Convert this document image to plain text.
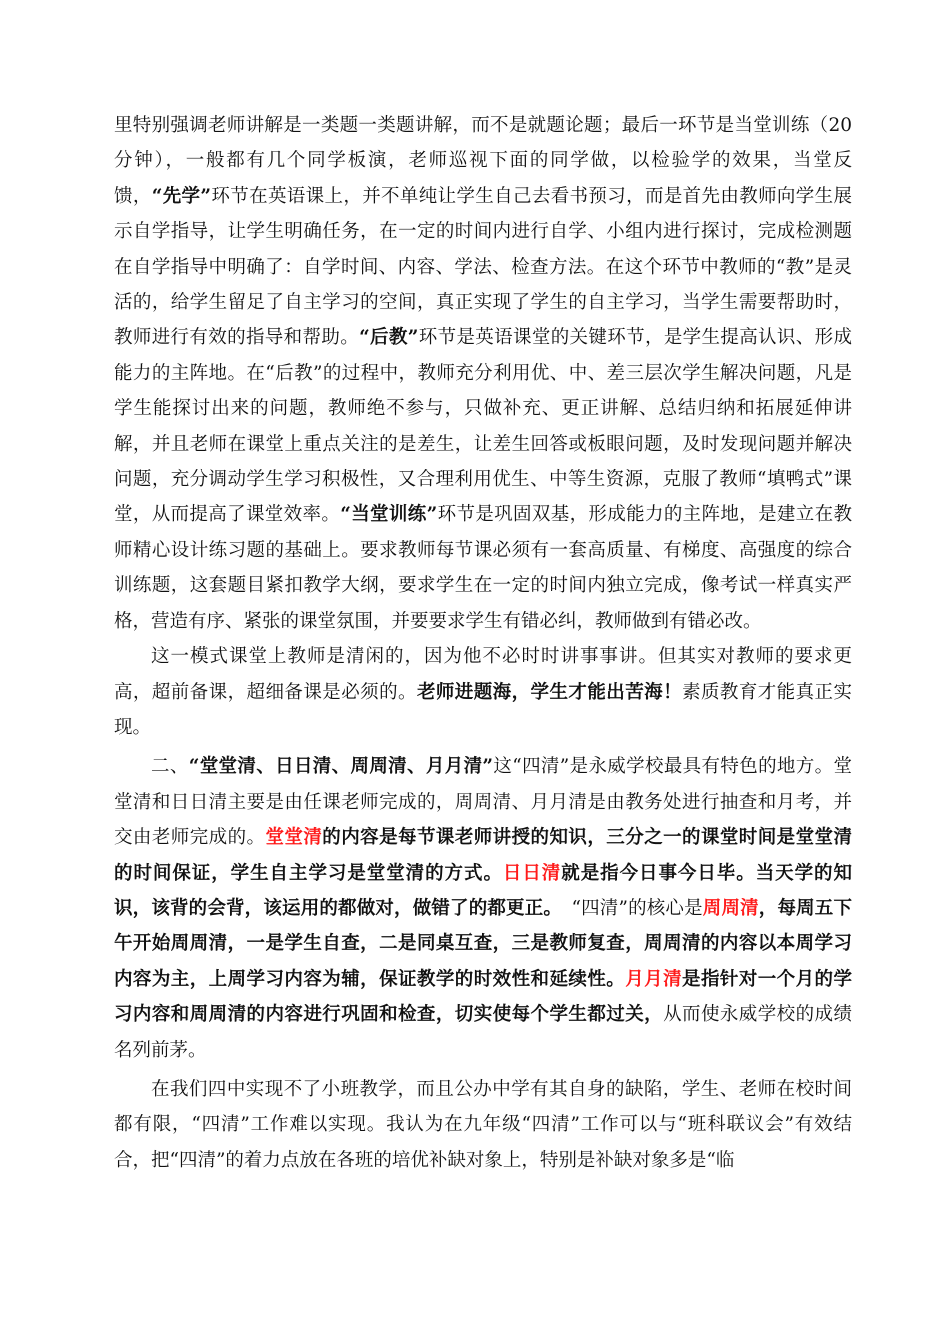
里特别强调老师讲解是一类题一类题讲解，而不是就题论题；最后一环节是当堂训练（20分钟），一般都有几个同学板演，老师巡视下面的同学做，以检验学的效果，当堂反馈，“先学”环节在英语课上，并不单纯让学生自己去看书预习，而是首先由教师向学生展示自学指导，让学生明确任务，在一定的时间内进行自学、小组内进行探讨，完成检测题在自学指导中明确了：自学时间、内容、学法、检查方法。在这个环节中教师的“教”是灵活的，给学生留足了自主学习的空间，真正实现了学生的自主学习，当学生需要帮助时，教师进行有效的指导和帮助。“后教”环节是英语课堂的关键环节，是学生提高认识、形成能力的主阵地。在“后教”的过程中，教师充分利用优、中、差三层次学生解决问题，凡是学生能探讨出来的问题，教师绝不参与，只做补充、更正讲解、总结归纳和拓展延伸讲解，并且老师在课堂上重点关注的是差生，让差生回答或板眼问题，及时发现问题并解决问题，充分调动学生学习积极性，又合理利用优生、中等生资源，克服了教师“填鸭式”课堂，从而提高了课堂效率。“当堂训练”环节是巩固双基，形成能力的主阵地，是建立在教师精心设计练习题的基础上。要求教师每节课必须有一套高质量、有梯度、高强度的综合训练题，这套题目紧扣教学大纲，要求学生在一定的时间内独立完成，像考试一样真实严格，营造有序、紧张的课堂氛围，并要要求学生有错必纠，教师做到有错必改。

这一模式课堂上教师是清闲的，因为他不必时时讲事事讲。但其实对教师的要求更高，超前备课，超细备课是必须的。老师进题海，学生才能出苦海！素质教育才能真正实现。

二、“堂堂清、日日清、周周清、月月清”这“四清”是永威学校最具有特色的地方。堂堂清和日日清主要是由任课老师完成的，周周清、月月清是由教务处进行抽查和月考，并交由老师完成的。堂堂清的内容是每节课老师讲授的知识，三分之一的课堂时间是堂堂清的时间保证，学生自主学习是堂堂清的方式。日日清就是指今日事今日毕。当天学的知识，该背的会背，该运用的都做对，做错了的都更正。　“四清”的核心是周周清，每周五下午开始周周清，一是学生自查，二是同桌互查，三是教师复查，周周清的内容以本周学习内容为主，上周学习内容为辅，保证教学的时效性和延续性。月月清是指针对一个月的学习内容和周周清的内容进行巩固和检查，切实使每个学生都过关，从而使永威学校的成绩名列前茅。

在我们四中实现不了小班教学，而且公办中学有其自身的缺陷，学生、老师在校时间都有限，“四清”工作难以实现。我认为在九年级“四清”工作可以与“班科联议会”有效结合，把“四清”的着力点放在各班的培优补缺对象上，特别是补缺对象多是“临
